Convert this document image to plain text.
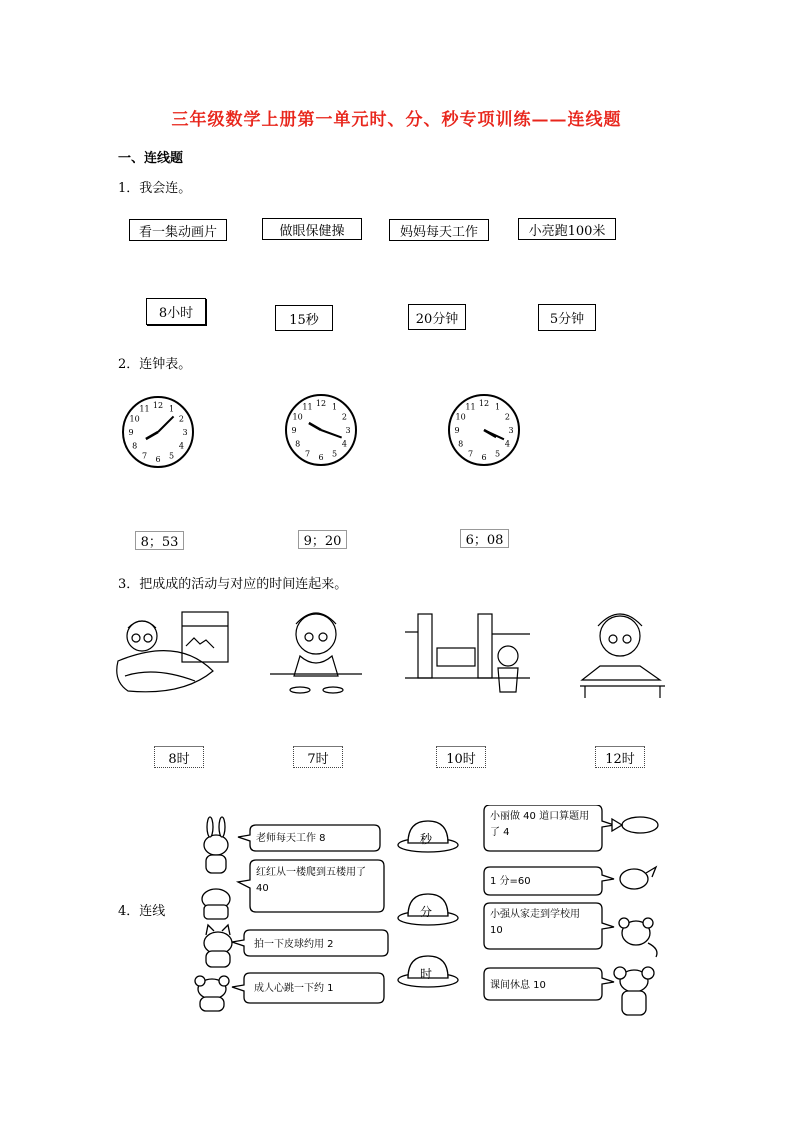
三年级数学上册第一单元时、分、秒专项训练——连线题
一、连线题
1．我会连。
看一集动画片	做眼保健操	妈妈每天工作	小亮跑100米
8小时	15秒	20分钟	5分钟
2．连钟表。
12 1
2
3
4
5
6
7
8
9
10
11
12 1
2
3
4
5
6
7
8
9
10
11	12 1
2
3
4
5
6
7
8
9
10
11
8；53	9；20	6；08
3．把成成的活动与对应的时间连起来。
8时	7时	10时	12时
4．连线
老师每天工作 8
红红从一楼爬到五楼用了 40
拍一下皮球约用 2
成人心跳一下约 1
小丽做 40 道口算题用了 4
1 分=60
小强从家走到学校用 10
课间休息 10
秒
分
时
